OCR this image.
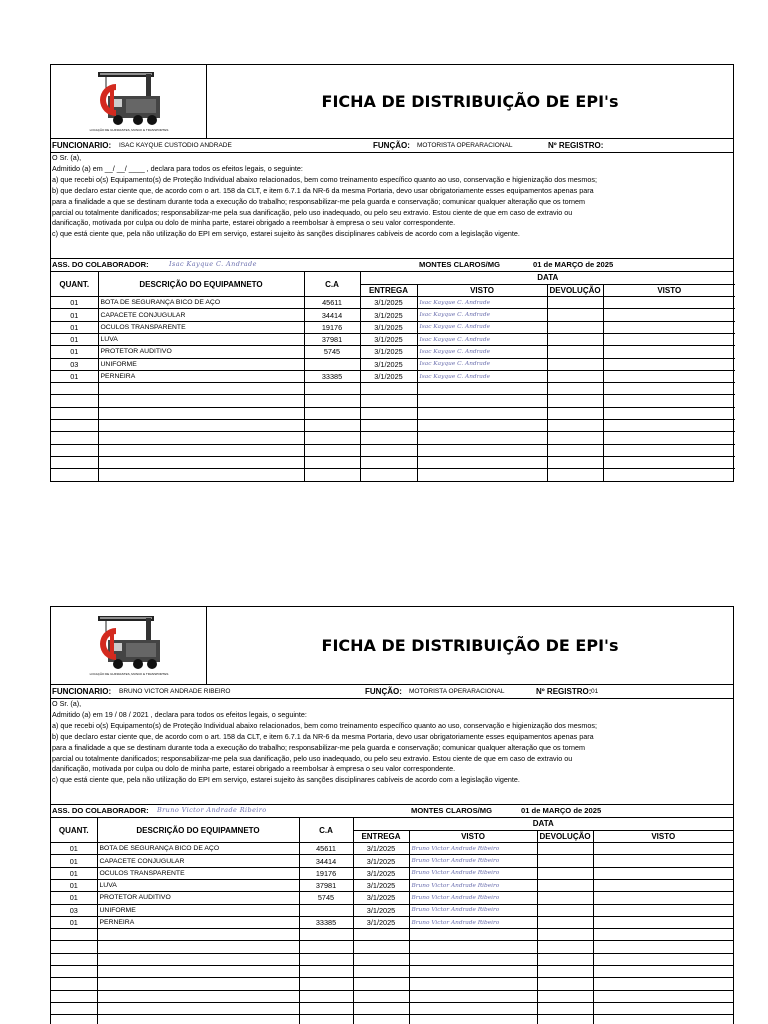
LOCAÇÃO DE GUINDASTES, MUNCK E TRANSPORTES
FICHA DE DISTRIBUIÇÃO DE EPI's
FUNCIONARIO: ISAC KAYQUE CUSTODIO ANDRADE	FUNÇÃO: MOTORISTA OPERARACIONAL	Nº REGISTRO:
O Sr. (a),
Admitido (a) em __/ __/ ____ , declara para todos os efeitos legais, o seguinte:
a) que recebi o(s) Equipamento(s) de Proteção Individual abaixo relacionados, bem como treinamento específico quanto ao uso, conservação e higienização dos mesmos;
b) que declaro estar ciente que, de acordo com o art. 158 da CLT, e item 6.7.1 da NR-6 da mesma Portaria, devo usar obrigatoriamente esses equipamentos apenas para
para a finalidade a que se destinam durante toda a execução do trabalho; responsabilizar-me pela guarda e conservação; comunicar qualquer alteração que os tornem
parcial ou totalmente danificados; responsabilizar-me pela sua danificação, pelo uso inadequado, ou pelo seu extravio. Estou ciente de que em caso de extravio ou
danificação, motivada por culpa ou dolo de minha parte, estarei obrigado a reembolsar à empresa o seu valor correspondente.
c) que está ciente que, pela não utilização do EPI em serviço, estarei sujeito às sanções disciplinares cabíveis de acordo com a legislação vigente.
ASS. DO COLABORADOR:	Isac Kayque C. Andrade	MONTES CLAROS/MG	01 de MARÇO de 2025
QUANT.	DESCRIÇÃO DO EQUIPAMNETO	C.A	DATA			
			ENTREGA	VISTO	DEVOLUÇÃO	VISTO
01	BOTA DE SEGURANÇA BICO DE AÇO	45611	3/1/2025	Isac Kayque C. Andrade		
01	CAPACETE CONJUGULAR	34414	3/1/2025	Isac Kayque C. Andrade		
01	OCULOS TRANSPARENTE	19176	3/1/2025	Isac Kayque C. Andrade		
01	LUVA	37981	3/1/2025	Isac Kayque C. Andrade		
01	PROTETOR AUDITIVO	5745	3/1/2025	Isac Kayque C. Andrade		
03	UNIFORME		3/1/2025	Isac Kayque C. Andrade		
01	PERNEIRA	33385	3/1/2025	Isac Kayque C. Andrade		

LOCAÇÃO DE GUINDASTES, MUNCK E TRANSPORTES
FICHA DE DISTRIBUIÇÃO DE EPI's
FUNCIONARIO: BRUNO VICTOR ANDRADE RIBEIRO	FUNÇÃO: MOTORISTA OPERARACIONAL	Nº REGISTRO: 01
O Sr. (a),
Admitido (a) em 19 / 08 / 2021 , declara para todos os efeitos legais, o seguinte:
a) que recebi o(s) Equipamento(s) de Proteção Individual abaixo relacionados, bem como treinamento específico quanto ao uso, conservação e higienização dos mesmos;
b) que declaro estar ciente que, de acordo com o art. 158 da CLT, e item 6.7.1 da NR-6 da mesma Portaria, devo usar obrigatoriamente esses equipamentos apenas para
para a finalidade a que se destinam durante toda a execução do trabalho; responsabilizar-me pela guarda e conservação; comunicar qualquer alteração que os tornem
parcial ou totalmente danificados; responsabilizar-me pela sua danificação, pelo uso inadequado, ou pelo seu extravio. Estou ciente de que em caso de extravio ou
danificação, motivada por culpa ou dolo de minha parte, estarei obrigado a reembolsar à empresa o seu valor correspondente.
c) que está ciente que, pela não utilização do EPI em serviço, estarei sujeito às sanções disciplinares cabíveis de acordo com a legislação vigente.
ASS. DO COLABORADOR: Bruno Victor Andrade Ribeiro	MONTES CLAROS/MG	01 de MARÇO de 2025
QUANT.	DESCRIÇÃO DO EQUIPAMNETO	C.A	DATA			
			ENTREGA	VISTO	DEVOLUÇÃO	VISTO
01	BOTA DE SEGURANÇA BICO DE AÇO	45611	3/1/2025	Bruno Victor Andrade Ribeiro		
01	CAPACETE CONJUGULAR	34414	3/1/2025	Bruno Victor Andrade Ribeiro		
01	OCULOS TRANSPARENTE	19176	3/1/2025	Bruno Victor Andrade Ribeiro		
01	LUVA	37981	3/1/2025	Bruno Victor Andrade Ribeiro		
01	PROTETOR AUDITIVO	5745	3/1/2025	Bruno Victor Andrade Ribeiro		
03	UNIFORME		3/1/2025	Bruno Victor Andrade Ribeiro		
01	PERNEIRA	33385	3/1/2025	Bruno Victor Andrade Ribeiro		
